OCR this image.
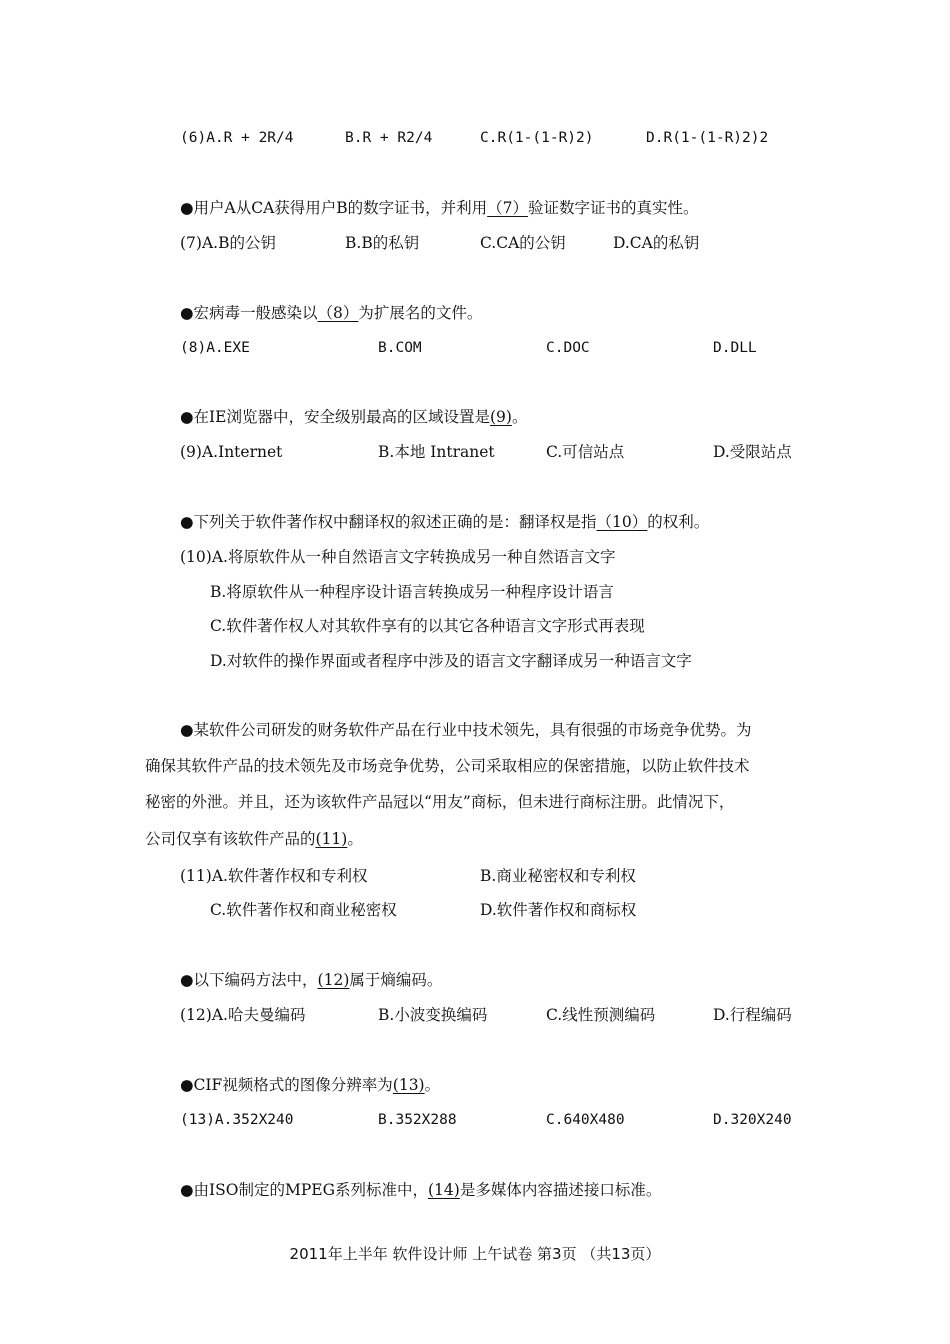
(6)A.R + 2R/4	B.R + R2/4	C.R(1-(1-R)2)	D.R(1-(1-R)2)2
● 用户A从CA获得用户B的数字证书，并利用（7）验证数字证书的真实性。
(7)A.B的公钥	B.B的私钥	C.CA的公钥	D.CA的私钥
● 宏病毒一般感染以（8）为扩展名的文件。
(8)A.EXE	B.COM	C.DOC	D.DLL
● 在IE浏览器中，安全级别最高的区域设置是(9)。
(9)A.Internet	B.本地 Intranet	C.可信站点	D.受限站点
● 下列关于软件著作权中翻译权的叙述正确的是：翻译权是指（10）的权利。
(10)A.将原软件从一种自然语言文字转换成另一种自然语言文字
B.将原软件从一种程序设计语言转换成另一种程序设计语言
C.软件著作权人对其软件享有的以其它各种语言文字形式再表现
D.对软件的操作界面或者程序中涉及的语言文字翻译成另一种语言文字
● 某软件公司研发的财务软件产品在行业中技术领先，具有很强的市场竞争优势。为
确保其软件产品的技术领先及市场竞争优势，公司采取相应的保密措施，以防止软件技术
秘密的外泄。并且，还为该软件产品冠以“用友”商标，但未进行商标注册。此情况下，
公司仅享有该软件产品的(11)。
(11)A.软件著作权和专利权	B.商业秘密权和专利权
C.软件著作权和商业秘密权	D.软件著作权和商标权
● 以下编码方法中，(12)属于熵编码。
(12)A.哈夫曼编码	B.小波变换编码	C.线性预测编码	D.行程编码
● CIF视频格式的图像分辨率为(13)。
(13)A.352X240	B.352X288	C.640X480	D.320X240
● 由ISO制定的MPEG系列标准中，(14)是多媒体内容描述接口标准。
2011年上半年 软件设计师 上午试卷 第3页 （共13页）
